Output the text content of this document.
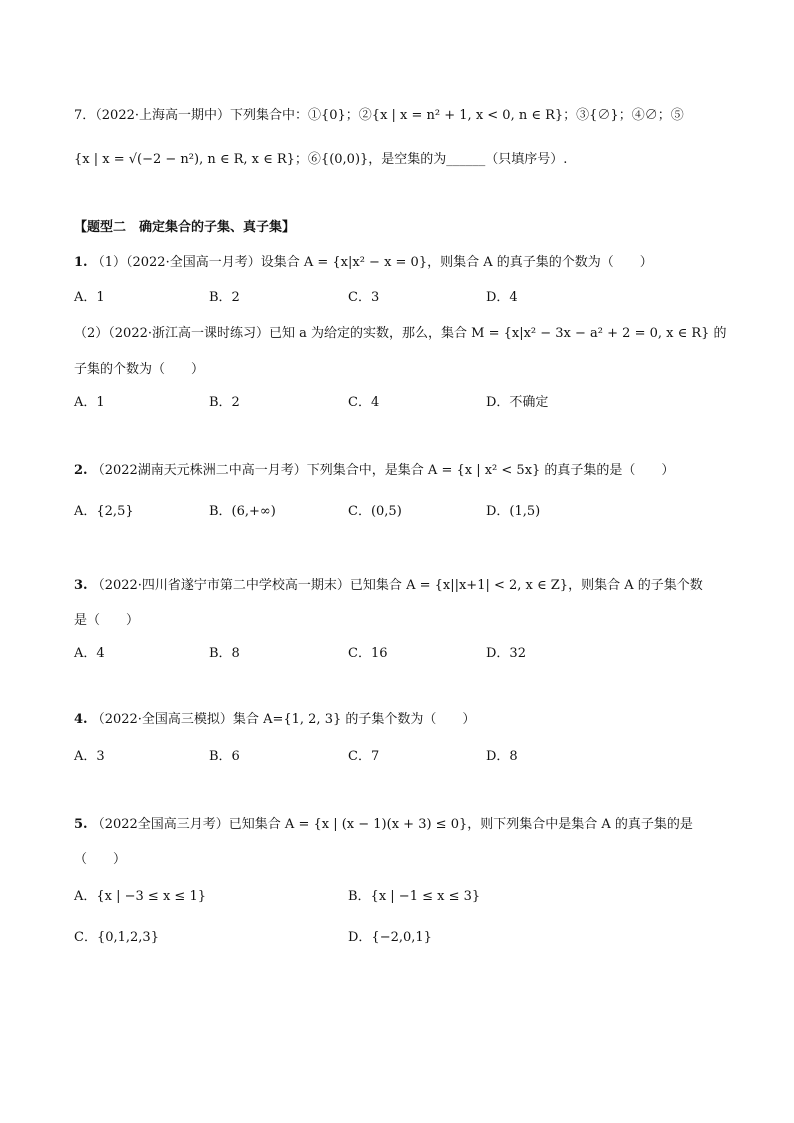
7．（2022·上海高一期中）下列集合中：①{0}；②{x | x = n² + 1, x < 0, n ∈ R}；③{∅}；④∅；⑤
{x | x = √(−2 − n²), n ∈ R, x ∈ R}；⑥{(0,0)}，是空集的为______（只填序号）.
【题型二　确定集合的子集、真子集】
1. （1）（2022·全国高一月考）设集合 A = {x|x² − x = 0}，则集合 A 的真子集的个数为（　　）
A．1	B．2	C．3	D．4
（2）（2022·浙江高一课时练习）已知 a 为给定的实数，那么，集合 M = {x|x² − 3x − a² + 2 = 0, x ∈ R} 的
子集的个数为（　　）
A．1	B．2	C．4	D．不确定
2. （2022湖南天元株洲二中高一月考）下列集合中，是集合 A = {x | x² < 5x} 的真子集的是（　　）
A．{2,5}	B．(6,+∞)	C．(0,5)	D．(1,5)
3. （2022·四川省遂宁市第二中学校高一期末）已知集合 A = {x||x+1| < 2, x ∈ Z}，则集合 A 的子集个数
是（　　）
A．4	B．8	C．16	D．32
4. （2022·全国高三模拟）集合 A={1, 2, 3} 的子集个数为（　　）
A．3	B．6	C．7	D．8
5. （2022全国高三月考）已知集合 A = {x | (x − 1)(x + 3) ≤ 0}，则下列集合中是集合 A 的真子集的是
（　　）
A．{x | −3 ≤ x ≤ 1}	B．{x | −1 ≤ x ≤ 3}
C．{0,1,2,3}	D．{−2,0,1}
